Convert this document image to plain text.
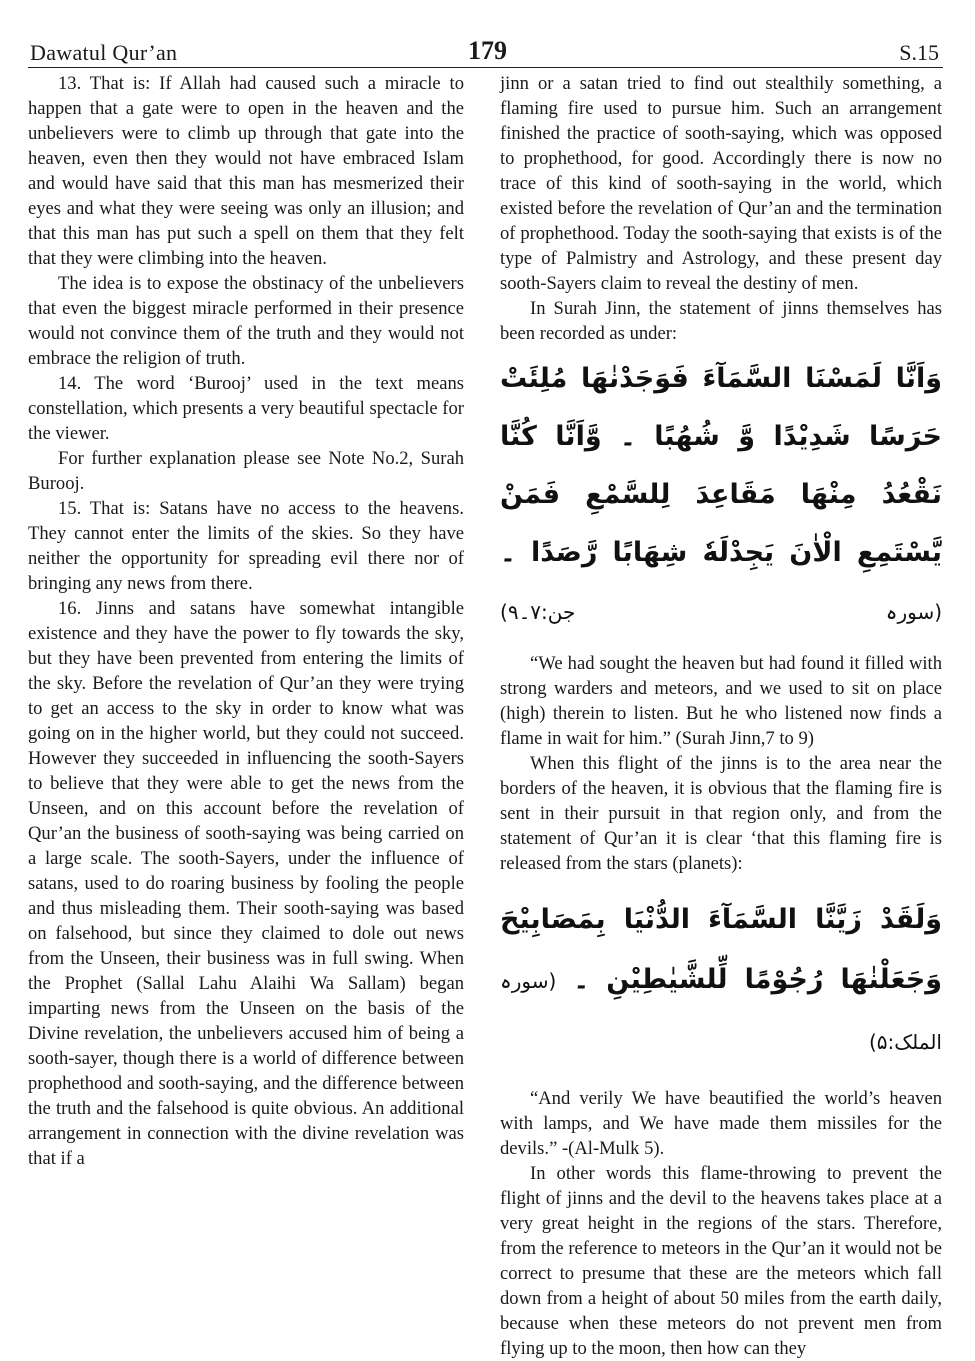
Dawatul Qur’an	179	S.15

13. That is: If Allah had caused such a miracle to happen that a gate were to open in the heaven and the unbelievers were to climb up through that gate into the heaven, even then they would not have embraced Islam and would have said that this man has mesmerized their eyes and what they were seeing was only an illusion; and that this man has put such a spell on them that they felt that they were climbing into the heaven.

The idea is to expose the obstinacy of the unbelievers that even the biggest miracle performed in their presence would not convince them of the truth and they would not embrace the religion of truth.

14. The word ‘Burooj’ used in the text means constellation, which presents a very beautiful spectacle for the viewer.

For further explanation please see Note No.2, Surah Burooj.

15. That is: Satans have no access to the heavens. They cannot enter the limits of the skies. So they have neither the opportunity for spreading evil there nor of bringing any news from there.

16. Jinns and satans have somewhat intangible existence and they have the power to fly towards the sky, but they have been prevented from entering the limits of the sky. Before the revelation of Qur’an they were trying to get an access to the sky in order to know what was going on in the higher world, but they could not succeed. However they succeeded in influencing the sooth-Sayers to believe that they were able to get the news from the Unseen, and on this account before the revelation of Qur’an the business of sooth-saying was being carried on a large scale. The sooth-Sayers, under the influence of satans, used to do roaring business by fooling the people and thus misleading them. Their sooth-saying was based on falsehood, but since they claimed to dole out news from the Unseen, their business was in full swing. When the Prophet (Sallal Lahu Alaihi Wa Sallam) began imparting news from the Unseen on the basis of the Divine revelation, the unbelievers accused him of being a sooth-sayer, though there is a world of difference between prophethood and sooth-saying, and the difference between the truth and the falsehood is quite obvious. An additional arrangement in connection with the divine revelation was that if a

jinn or a satan tried to find out stealthily something, a flaming fire used to pursue him. Such an arrangement finished the practice of sooth-saying, which was opposed to prophethood, for good. Accordingly there is now no trace of this kind of sooth-saying in the world, which existed before the revelation of Qur’an and the termination of prophethood. Today the sooth-saying that exists is of the type of Palmistry and Astrology, and these present day sooth-Sayers claim to reveal the destiny of men.

In Surah Jinn, the statement of jinns themselves has been recorded as under:

وَاَنَّا لَمَسْنَا السَّمَآءَ فَوَجَدْنٰهَا مُلِئَتْ حَرَسًا شَدِيْدًا وَّ شُهُبًا ۔ وَّاَنَّا كُنَّا نَقْعُدُ مِنْهَا مَقَاعِدَ لِلسَّمْعِ فَمَنْ يَّسْتَمِعِ الْاٰنَ يَجِدْلَهٗ شِهَابًا رَّصَدًا ۔ (سورہ جن:۷۔۹)

“We had sought the heaven but had found it filled with strong warders and meteors, and we used to sit on place (high) therein to listen. But he who listened now finds a flame in wait for him.” (Surah Jinn,7 to 9)

When this flight of the jinns is to the area near the borders of the heaven, it is obvious that the flaming fire is sent in their pursuit in that region only, and from the statement of Qur’an it is clear ‘that this flaming fire is released from the stars (planets):

وَلَقَدْ زَيَّنَّا السَّمَآءَ الدُّنْيَا بِمَصَابِيْحَ وَجَعَلْنٰهَا رُجُوْمًا لِّلشَّيٰطِيْنِ ۔ (سورہ الملک:۵)

“And verily We have beautified the world’s heaven with lamps, and We have made them missiles for the devils.” -(Al-Mulk 5).

In other words this flame-throwing to prevent the flight of jinns and the devil to the heavens takes place at a very great height in the regions of the stars. Therefore, from the reference to meteors in the Qur’an it would not be correct to presume that these are the meteors which fall down from a height of about 50 miles from the earth daily, because when these meteors do not prevent men from flying up to the moon, then how can they
